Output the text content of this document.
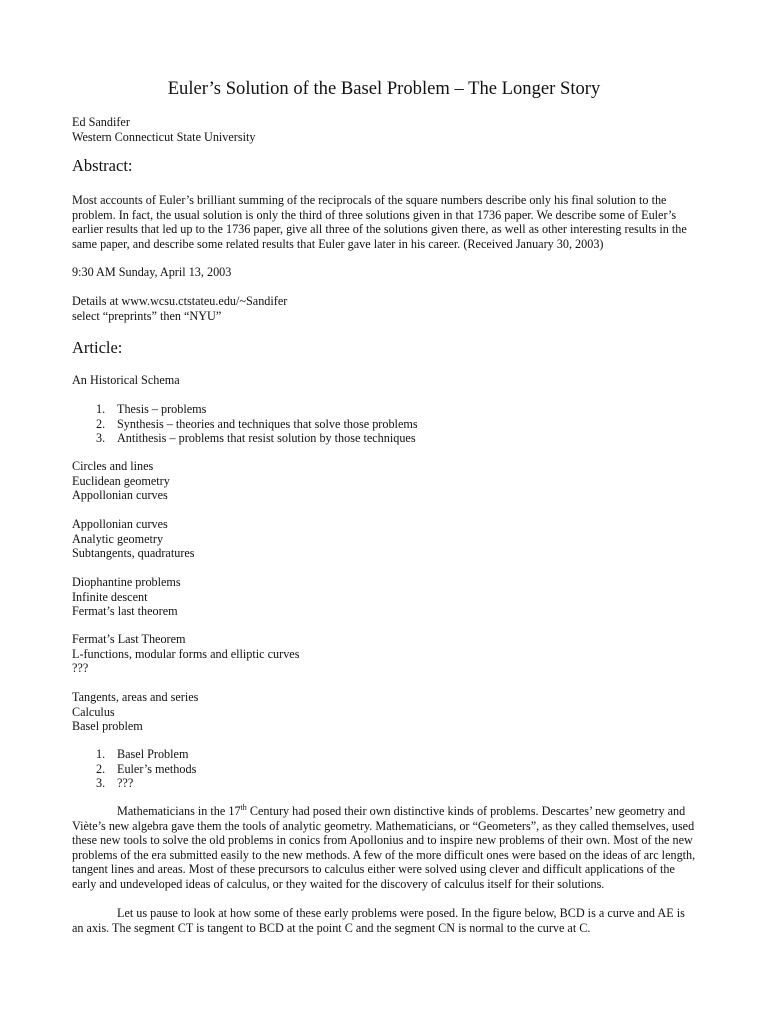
Euler’s Solution of the Basel Problem – The Longer Story
Ed Sandifer
Western Connecticut State University
Abstract:

Most accounts of Euler’s brilliant summing of the reciprocals of the square numbers describe only his final solution to the problem. In fact, the usual solution is only the third of three solutions given in that 1736 paper. We describe some of Euler’s earlier results that led up to the 1736 paper, give all three of the solutions given there, as well as other interesting results in the same paper, and describe some related results that Euler gave later in his career. (Received January 30, 2003)

9:30 AM Sunday, April 13, 2003

Details at www.wcsu.ctstateu.edu/~Sandifer
select “preprints” then “NYU”
Article:

An Historical Schema

1. Thesis – problems
2. Synthesis – theories and techniques that solve those problems
3. Antithesis – problems that resist solution by those techniques
Circles and lines
Euclidean geometry
Appollonian curves
Appollonian curves
Analytic geometry
Subtangents, quadratures
Diophantine problems
Infinite descent
Fermat’s last theorem
Fermat’s Last Theorem
L-functions, modular forms and elliptic curves
???
Tangents, areas and series
Calculus
Basel problem
1. Basel Problem
2. Euler’s methods
3. ???

Mathematicians in the 17th Century had posed their own distinctive kinds of problems. Descartes’ new geometry and Viète’s new algebra gave them the tools of analytic geometry. Mathematicians, or “Geometers”, as they called themselves, used these new tools to solve the old problems in conics from Apollonius and to inspire new problems of their own. Most of the new problems of the era submitted easily to the new methods. A few of the more difficult ones were based on the ideas of arc length, tangent lines and areas. Most of these precursors to calculus either were solved using clever and difficult applications of the early and undeveloped ideas of calculus, or they waited for the discovery of calculus itself for their solutions.

Let us pause to look at how some of these early problems were posed. In the figure below, BCD is a curve and AE is an axis. The segment CT is tangent to BCD at the point C and the segment CN is normal to the curve at C.
